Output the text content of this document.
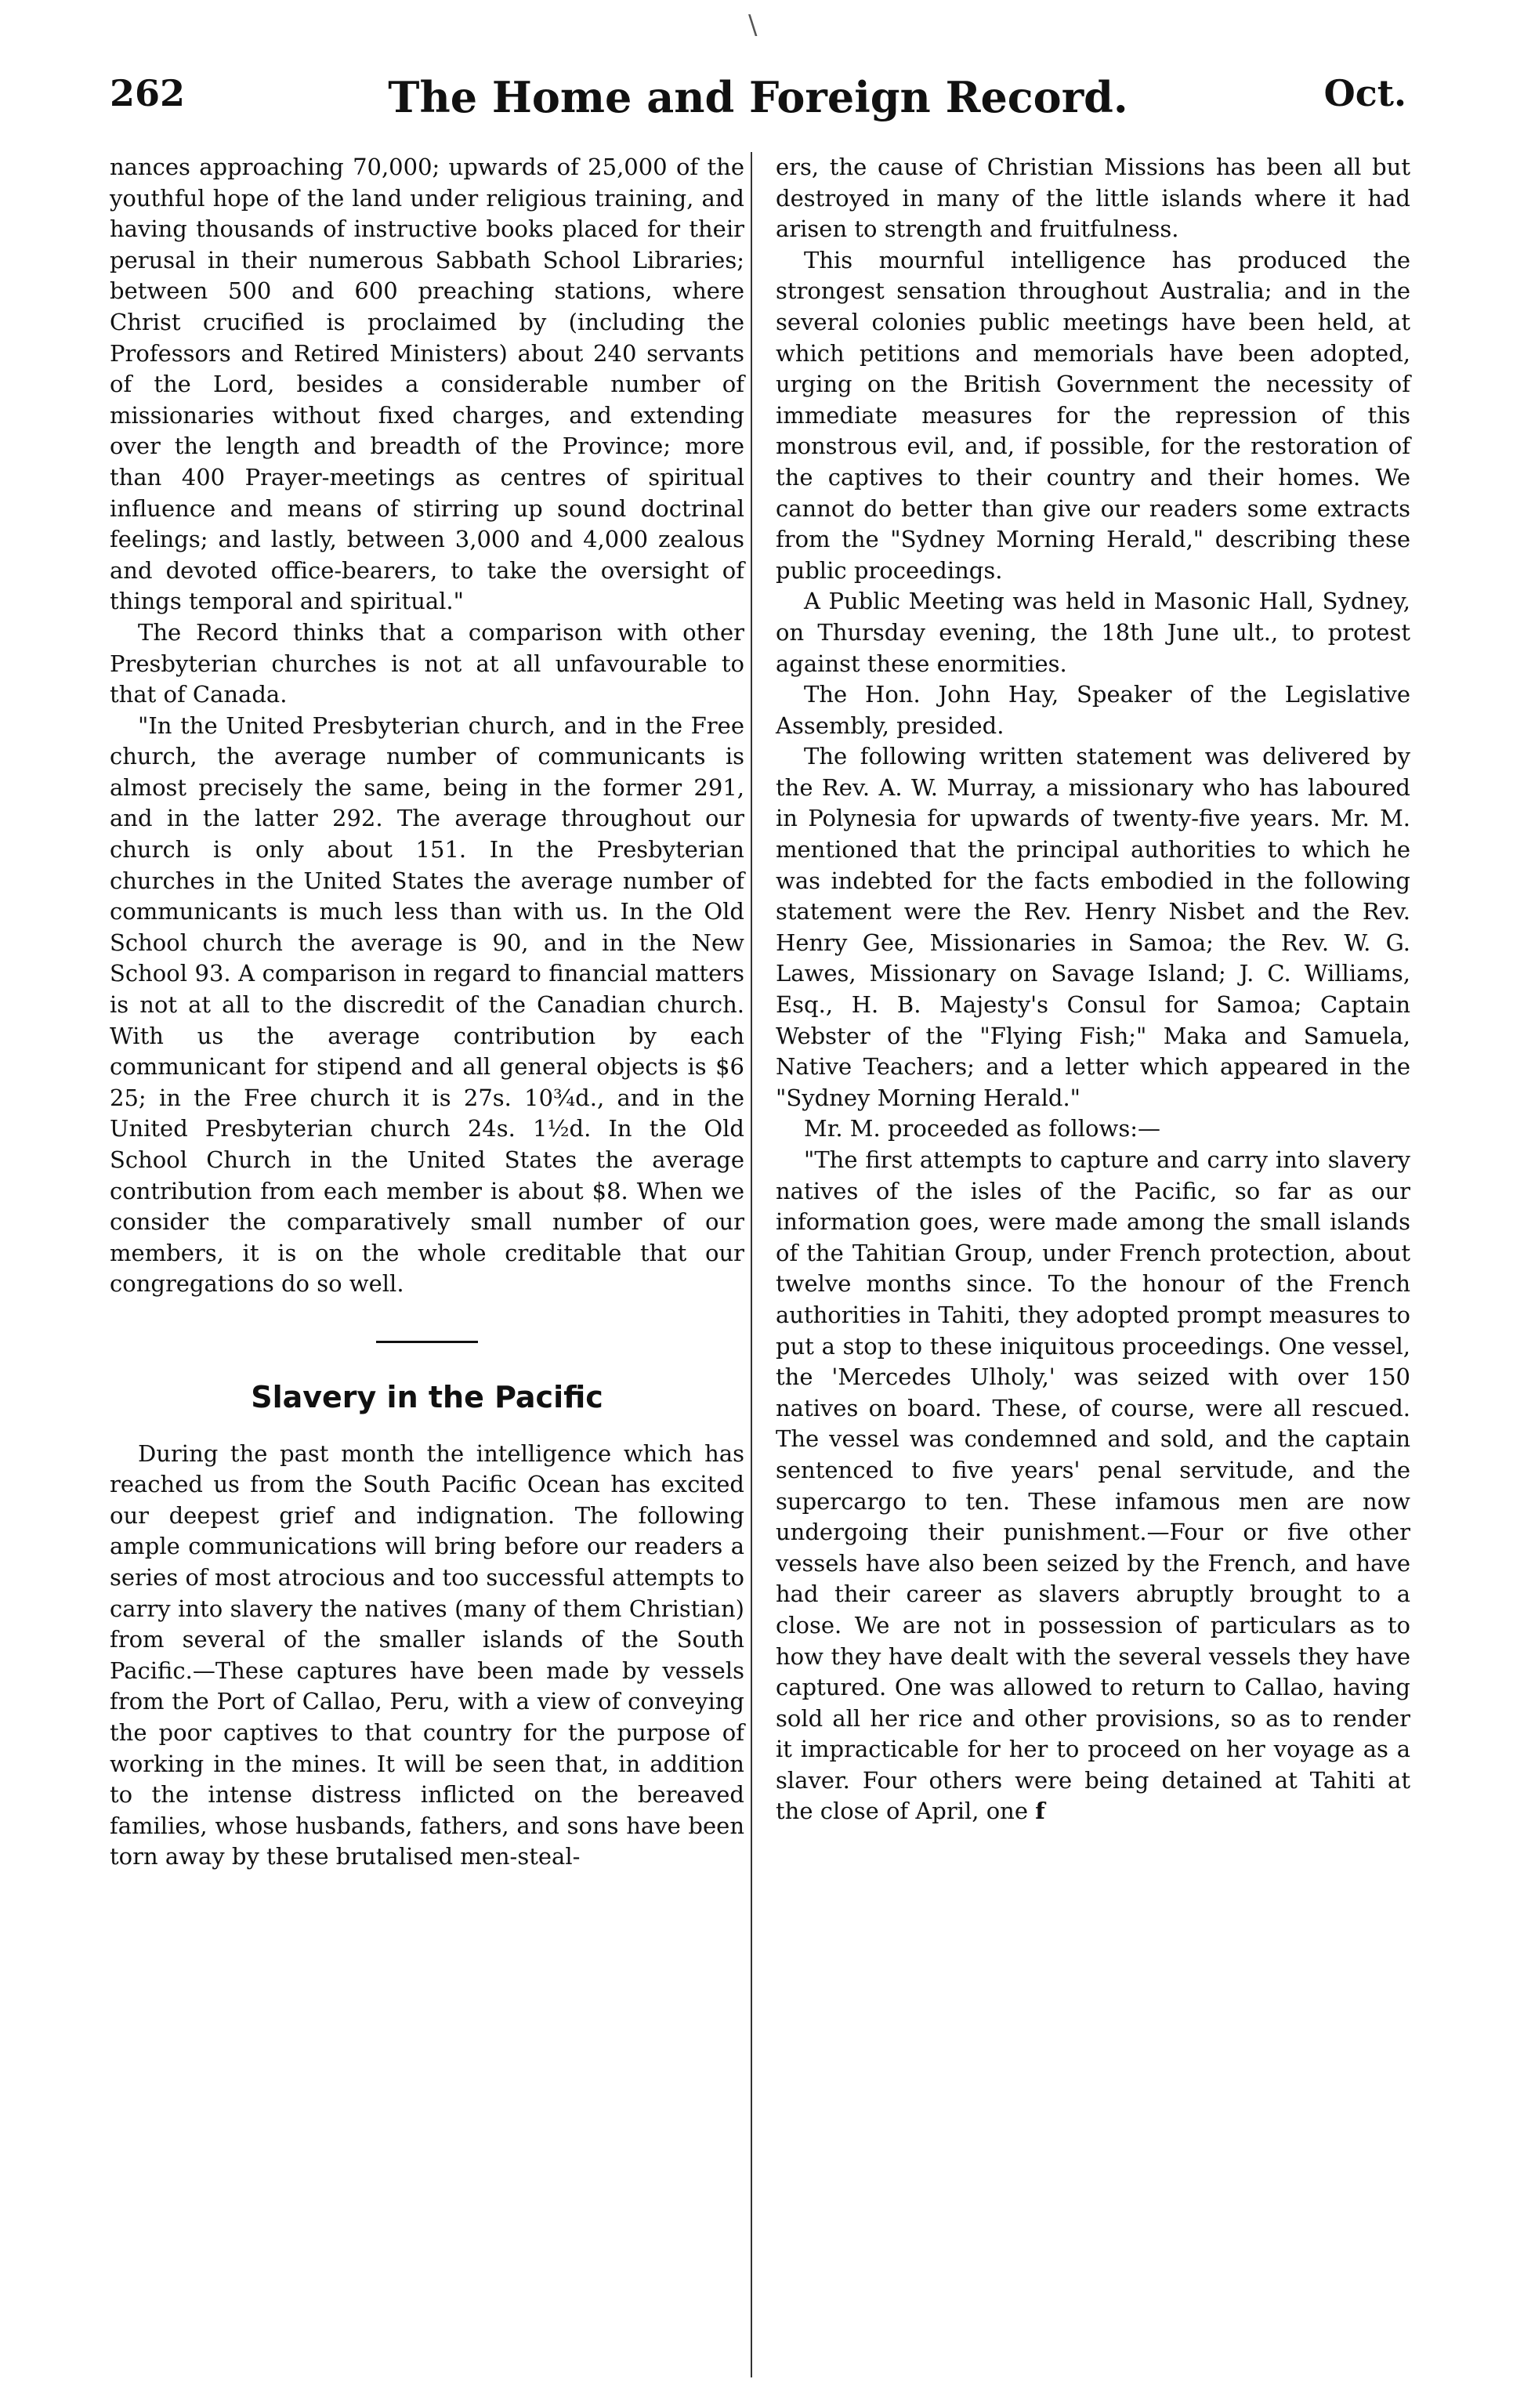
\
262	The Home and Foreign Record.	Oct.

nances approaching 70,000; upwards of 25,000 of the youthful hope of the land under religious training, and having thousands of instructive books placed for their perusal in their numerous Sabbath School Libraries; between 500 and 600 preaching stations, where Christ crucified is proclaimed by (including the Professors and Retired Ministers) about 240 servants of the Lord, besides a considerable number of missionaries without fixed charges, and extending over the length and breadth of the Province; more than 400 Prayer-meetings as centres of spiritual influence and means of stirring up sound doctrinal feelings; and lastly, between 3,000 and 4,000 zealous and devoted office-bearers, to take the oversight of things temporal and spiritual."

The Record thinks that a comparison with other Presbyterian churches is not at all unfavourable to that of Canada.

"In the United Presbyterian church, and in the Free church, the average number of communicants is almost precisely the same, being in the former 291, and in the latter 292. The average throughout our church is only about 151. In the Presbyterian churches in the United States the average number of communicants is much less than with us. In the Old School church the average is 90, and in the New School 93. A comparison in regard to financial matters is not at all to the discredit of the Canadian church. With us the average contribution by each communicant for stipend and all general objects is $6 25; in the Free church it is 27s. 10¾d., and in the United Presbyterian church 24s. 1½d. In the Old School Church in the United States the average contribution from each member is about $8. When we consider the comparatively small number of our members, it is on the whole creditable that our congregations do so well.

Slavery in the Pacific

During the past month the intelligence which has reached us from the South Pacific Ocean has excited our deepest grief and indignation. The following ample communications will bring before our readers a series of most atrocious and too successful attempts to carry into slavery the natives (many of them Christian) from several of the smaller islands of the South Pacific.—These captures have been made by vessels from the Port of Callao, Peru, with a view of conveying the poor captives to that country for the purpose of working in the mines. It will be seen that, in addition to the intense distress inflicted on the bereaved families, whose husbands, fathers, and sons have been torn away by these brutalised men-steal-

ers, the cause of Christian Missions has been all but destroyed in many of the little islands where it had arisen to strength and fruitfulness.

This mournful intelligence has produced the strongest sensation throughout Australia; and in the several colonies public meetings have been held, at which petitions and memorials have been adopted, urging on the British Government the necessity of immediate measures for the repression of this monstrous evil, and, if possible, for the restoration of the captives to their country and their homes. We cannot do better than give our readers some extracts from the "Sydney Morning Herald," describing these public proceedings.

A Public Meeting was held in Masonic Hall, Sydney, on Thursday evening, the 18th June ult., to protest against these enormities.

The Hon. John Hay, Speaker of the Legislative Assembly, presided.

The following written statement was delivered by the Rev. A. W. Murray, a missionary who has laboured in Polynesia for upwards of twenty-five years. Mr. M. mentioned that the principal authorities to which he was indebted for the facts embodied in the following statement were the Rev. Henry Nisbet and the Rev. Henry Gee, Missionaries in Samoa; the Rev. W. G. Lawes, Missionary on Savage Island; J. C. Williams, Esq., H. B. Majesty's Consul for Samoa; Captain Webster of the "Flying Fish;" Maka and Samuela, Native Teachers; and a letter which appeared in the "Sydney Morning Herald."

Mr. M. proceeded as follows:—

"The first attempts to capture and carry into slavery natives of the isles of the Pacific, so far as our information goes, were made among the small islands of the Tahitian Group, under French protection, about twelve months since. To the honour of the French authorities in Tahiti, they adopted prompt measures to put a stop to these iniquitous proceedings. One vessel, the 'Mercedes Ulholy,' was seized with over 150 natives on board. These, of course, were all rescued. The vessel was condemned and sold, and the captain sentenced to five years' penal servitude, and the supercargo to ten. These infamous men are now undergoing their punishment.—Four or five other vessels have also been seized by the French, and have had their career as slavers abruptly brought to a close. We are not in possession of particulars as to how they have dealt with the several vessels they have captured. One was allowed to return to Callao, having sold all her rice and other provisions, so as to render it impracticable for her to proceed on her voyage as a slaver. Four others were being detained at Tahiti at the close of April, one f
